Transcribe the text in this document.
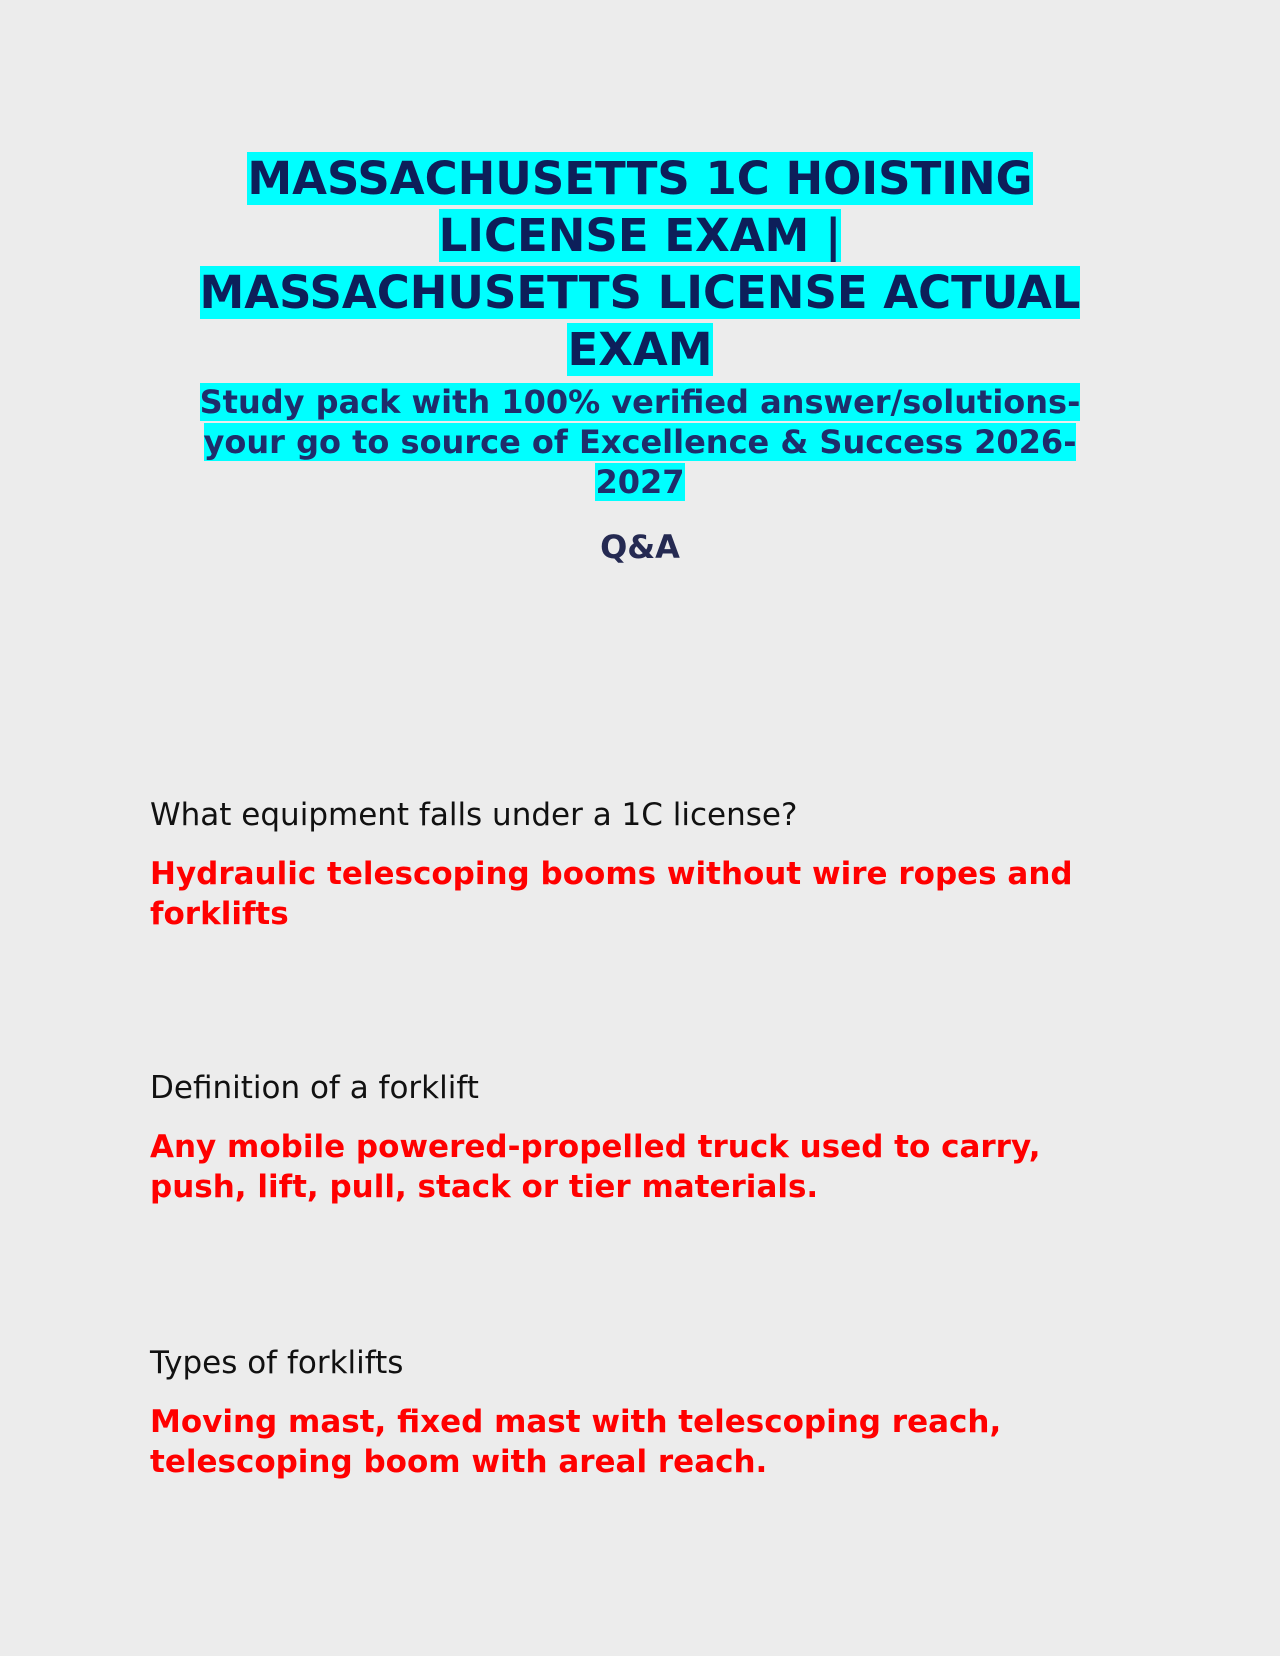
MASSACHUSETTS 1C HOISTING
LICENSE EXAM |
MASSACHUSETTS LICENSE ACTUAL
EXAM
Study pack with 100% verified answer/solutions-
your go to source of Excellence & Success 2026-
2027
Q&A

What equipment falls under a 1C license?

Hydraulic telescoping booms without wire ropes and forklifts

Definition of a forklift

Any mobile powered-propelled truck used to carry, push, lift, pull, stack or tier materials.

Types of forklifts

Moving mast, fixed mast with telescoping reach, telescoping boom with areal reach.
